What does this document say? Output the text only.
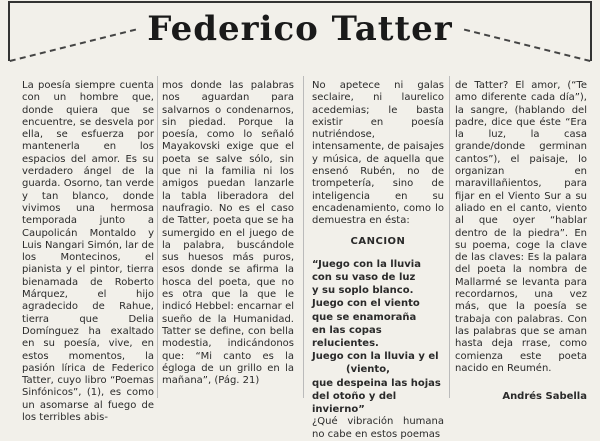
Federico Tatter

La poesía siempre cuenta con un hombre que, donde quiera que se encuentre, se desvela por ella, se esfuerza por mantenerla en los espacios del amor. Es su verdadero ángel de la guarda. Osorno, tan verde y tan blanco, donde vivimos una hermosa temporada junto a Caupolicán Montaldo y Luis Nangari Simón, lar de los Montecinos, el pianista y el pintor, tierra bienamada de Roberto Márquez, el hijo agradecido de Rahue, tierra que Delia Domínguez ha exaltado en su poesía, vive, en estos momentos, la pasión lírica de Federico Tatter, cuyo libro “Poemas Sinfónicos”, (1), es como un asomarse al fuego de los terribles abis-

mos donde las palabras nos aguardan para salvarnos o condenarnos, sin piedad. Porque la poesía, como lo señaló Mayakovski exige que el poeta se salve sólo, sin que ni la familia ni los amigos puedan lanzarle la tabla liberadora del naufragio. No es el caso de Tatter, poeta que se ha sumergido en el juego de la palabra, buscándole sus huesos más puros, esos donde se afirma la hosca del poeta, que no es otra que la que le indicó Hebbel: encarnar el sueño de la Humanidad. Tatter se define, con bella modestia, indicándonos que: “Mi canto es la égloga de un grillo en la mañana”, (Pág. 21)

No apetece ni galas seclaire, ni laurelico acedemias; le basta existir en poesía nutriéndose, intensamente, de paisajes y música, de aquella que ensenó Rubén, no de trompetería, sino de inteligencia en su encadenamiento, como lo demuestra en ésta:

CANCION
“Juego con la lluvia
con su vaso de luz
y su soplo blanco.
Juego con el viento
que se enamoraña
en las copas relucientes.
Juego con la lluvia y el
(viento,
que despeina las hojas
del otoño y del invierno”

¿Qué vibración humana no cabe en estos poemas

de Tatter? El amor, (“Te amo diferente cada día”), la sangre, (hablando del padre, dice que éste “Era la luz, la casa grande/donde germinan cantos”), el paisaje, lo organizan en maravillañientos, para fijar en el Viento Sur a su aliado en el canto, viento al que oyer “hablar dentro de la piedra”. En su poema, coge la clave de las claves: Es la palara del poeta la nombra de Mallarmé se levanta para recordarnos, una vez más, que la poesía se trabaja con palabras. Con las palabras que se aman hasta deja rrase, como comienza este poeta nacido en Reumén.

Andrés Sabella
